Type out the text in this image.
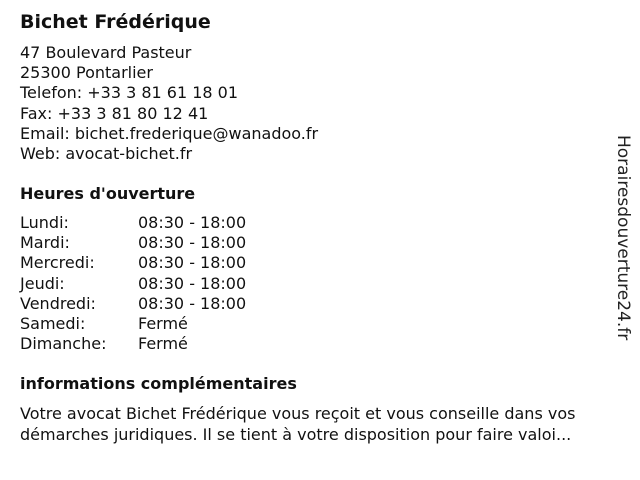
Bichet Frédérique
47 Boulevard Pasteur
25300 Pontarlier
Telefon: +33 3 81 61 18 01
Fax: +33 3 81 80 12 41
Email: bichet.frederique@wanadoo.fr
Web: avocat-bichet.fr
Heures d'ouverture
Lundi:	08:30 - 18:00
Mardi:	08:30 - 18:00
Mercredi:	08:30 - 18:00
Jeudi:	08:30 - 18:00
Vendredi:	08:30 - 18:00
Samedi:	Fermé
Dimanche:	Fermé
informations complémentaires
Votre avocat Bichet Frédérique vous reçoit et vous conseille dans vos
démarches juridiques. Il se tient à votre disposition pour faire valoi...
Horairesdouverture24.fr
